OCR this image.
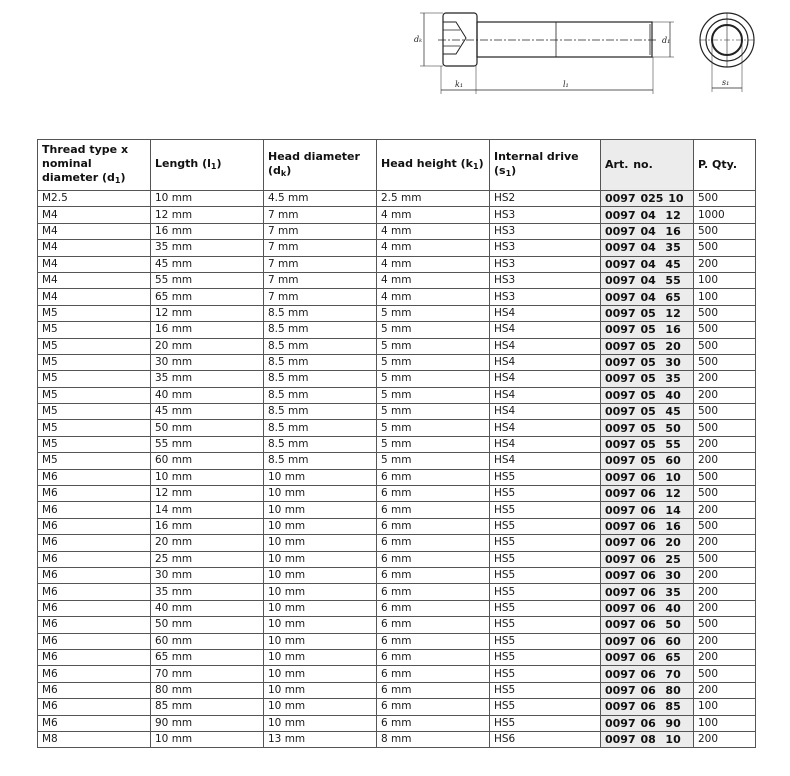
dₖ	d₁
k₁	l₁	s₁
Thread type x nominal diameter $(d_1)$	Length $(l_1)$	Head diameter $(d_k)$	Head height $(k_1)$	Internal drive $(s_1)$	Art. no.	P. Qty.
M2.5	10 mm	4.5 mm	2.5 mm	HS2	0097 025 10	500
M4	12 mm	7 mm	4 mm	HS3	0097 04  12	1000
M4	16 mm	7 mm	4 mm	HS3	0097 04  16	500
M4	35 mm	7 mm	4 mm	HS3	0097 04  35	500
M4	45 mm	7 mm	4 mm	HS3	0097 04  45	200
M4	55 mm	7 mm	4 mm	HS3	0097 04  55	100
M4	65 mm	7 mm	4 mm	HS3	0097 04  65	100
M5	12 mm	8.5 mm	5 mm	HS4	0097 05  12	500
M5	16 mm	8.5 mm	5 mm	HS4	0097 05  16	500
M5	20 mm	8.5 mm	5 mm	HS4	0097 05  20	500
M5	30 mm	8.5 mm	5 mm	HS4	0097 05  30	500
M5	35 mm	8.5 mm	5 mm	HS4	0097 05  35	200
M5	40 mm	8.5 mm	5 mm	HS4	0097 05  40	200
M5	45 mm	8.5 mm	5 mm	HS4	0097 05  45	500
M5	50 mm	8.5 mm	5 mm	HS4	0097 05  50	500
M5	55 mm	8.5 mm	5 mm	HS4	0097 05  55	200
M5	60 mm	8.5 mm	5 mm	HS4	0097 05  60	200
M6	10 mm	10 mm	6 mm	HS5	0097 06  10	500
M6	12 mm	10 mm	6 mm	HS5	0097 06  12	500
M6	14 mm	10 mm	6 mm	HS5	0097 06  14	200
M6	16 mm	10 mm	6 mm	HS5	0097 06  16	500
M6	20 mm	10 mm	6 mm	HS5	0097 06  20	200
M6	25 mm	10 mm	6 mm	HS5	0097 06  25	500
M6	30 mm	10 mm	6 mm	HS5	0097 06  30	200
M6	35 mm	10 mm	6 mm	HS5	0097 06  35	200
M6	40 mm	10 mm	6 mm	HS5	0097 06  40	200
M6	50 mm	10 mm	6 mm	HS5	0097 06  50	500
M6	60 mm	10 mm	6 mm	HS5	0097 06  60	200
M6	65 mm	10 mm	6 mm	HS5	0097 06  65	200
M6	70 mm	10 mm	6 mm	HS5	0097 06  70	500
M6	80 mm	10 mm	6 mm	HS5	0097 06  80	200
M6	85 mm	10 mm	6 mm	HS5	0097 06  85	100
M6	90 mm	10 mm	6 mm	HS5	0097 06  90	100
M8	10 mm	13 mm	8 mm	HS6	0097 08  10	200
